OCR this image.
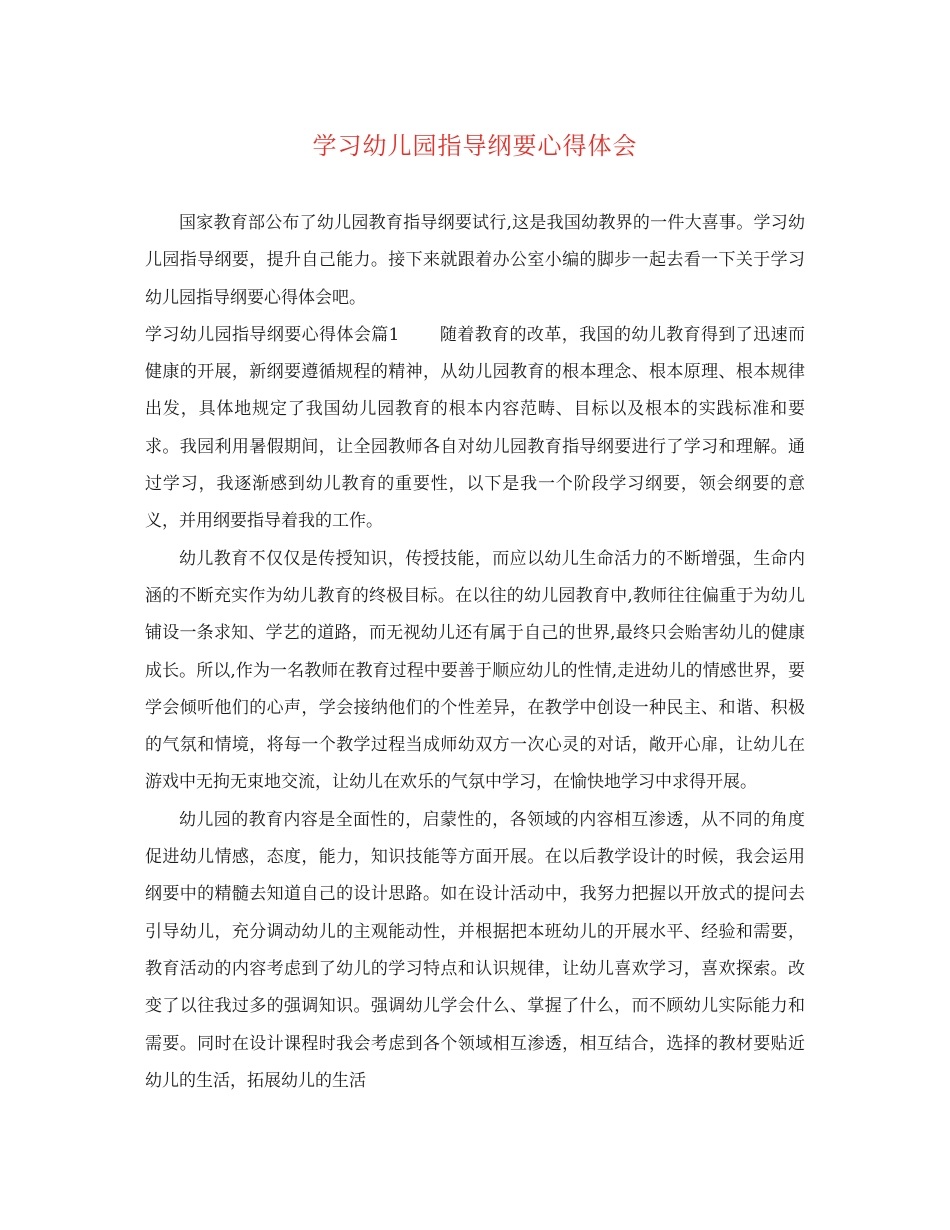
学习幼儿园指导纲要心得体会

国家教育部公布了幼儿园教育指导纲要试行,这是我国幼教界的一件大喜事。学习幼儿园指导纲要，提升自己能力。接下来就跟着办公室小编的脚步一起去看一下关于学习幼儿园指导纲要心得体会吧。

学习幼儿园指导纲要心得体会篇1 随着教育的改革，我国的幼儿教育得到了迅速而健康的开展，新纲要遵循规程的精神，从幼儿园教育的根本理念、根本原理、根本规律出发，具体地规定了我国幼儿园教育的根本内容范畴、目标以及根本的实践标准和要求。我园利用暑假期间，让全园教师各自对幼儿园教育指导纲要进行了学习和理解。通过学习，我逐渐感到幼儿教育的重要性，以下是我一个阶段学习纲要，领会纲要的意义，并用纲要指导着我的工作。

幼儿教育不仅仅是传授知识，传授技能，而应以幼儿生命活力的不断增强，生命内涵的不断充实作为幼儿教育的终极目标。在以往的幼儿园教育中,教师往往偏重于为幼儿铺设一条求知、学艺的道路，而无视幼儿还有属于自己的世界,最终只会贻害幼儿的健康成长。所以,作为一名教师在教育过程中要善于顺应幼儿的性情,走进幼儿的情感世界，要学会倾听他们的心声，学会接纳他们的个性差异，在教学中创设一种民主、和谐、积极的气氛和情境，将每一个教学过程当成师幼双方一次心灵的对话，敞开心扉，让幼儿在游戏中无拘无束地交流，让幼儿在欢乐的气氛中学习，在愉快地学习中求得开展。

幼儿园的教育内容是全面性的，启蒙性的，各领域的内容相互渗透，从不同的角度促进幼儿情感，态度，能力，知识技能等方面开展。在以后教学设计的时候，我会运用纲要中的精髓去知道自己的设计思路。如在设计活动中，我努力把握以开放式的提问去引导幼儿，充分调动幼儿的主观能动性，并根据把本班幼儿的开展水平、经验和需要，教育活动的内容考虑到了幼儿的学习特点和认识规律，让幼儿喜欢学习，喜欢探索。改变了以往我过多的强调知识。强调幼儿学会什么、掌握了什么，而不顾幼儿实际能力和需要。同时在设计课程时我会考虑到各个领域相互渗透，相互结合，选择的教材要贴近幼儿的生活，拓展幼儿的生活
